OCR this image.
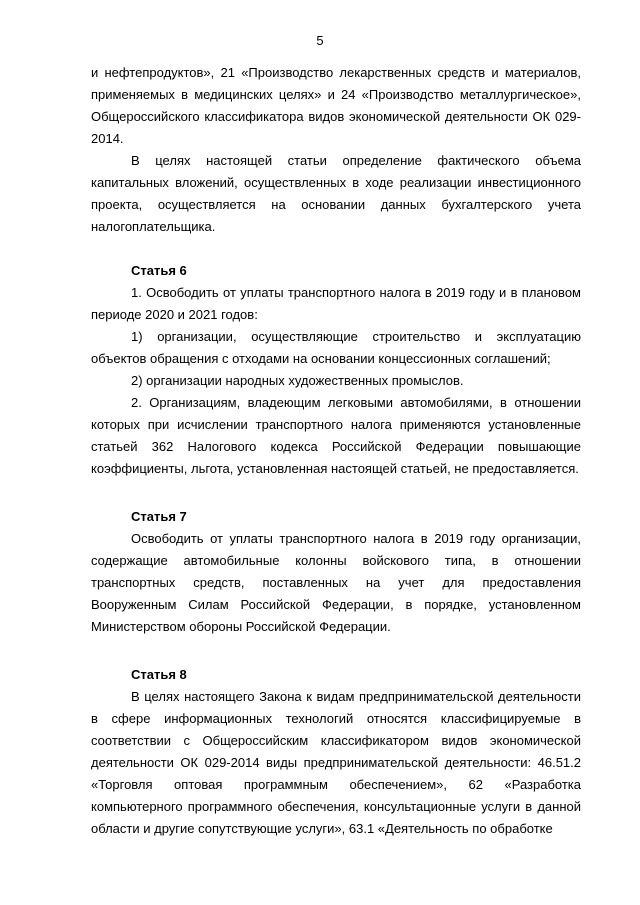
5

и нефтепродуктов», 21 «Производство лекарственных средств и материалов, применяемых в медицинских целях» и 24 «Производство металлургическое», Общероссийского классификатора видов экономической деятельности ОК 029-2014.

В целях настоящей статьи определение фактического объема капитальных вложений, осуществленных в ходе реализации инвестиционного проекта, осуществляется на основании данных бухгалтерского учета налогоплательщика.

Статья 6

1. Освободить от уплаты транспортного налога в 2019 году и в плановом периоде 2020 и 2021 годов:

1) организации, осуществляющие строительство и эксплуатацию объектов обращения с отходами на основании концессионных соглашений;

2) организации народных художественных промыслов.

2. Организациям, владеющим легковыми автомобилями, в отношении которых при исчислении транспортного налога применяются установленные статьей 362 Налогового кодекса Российской Федерации повышающие коэффициенты, льгота, установленная настоящей статьей, не предоставляется.

Статья 7

Освободить от уплаты транспортного налога в 2019 году организации, содержащие автомобильные колонны войскового типа, в отношении транспортных средств, поставленных на учет для предоставления Вооруженным Силам Российской Федерации, в порядке, установленном Министерством обороны Российской Федерации.

Статья 8

В целях настоящего Закона к видам предпринимательской деятельности в сфере информационных технологий относятся классифицируемые в соответствии с Общероссийским классификатором видов экономической деятельности ОК 029-2014 виды предпринимательской деятельности: 46.51.2 «Торговля оптовая программным обеспечением», 62 «Разработка компьютерного программного обеспечения, консультационные услуги в данной области и другие сопутствующие услуги», 63.1 «Деятельность по обработке
